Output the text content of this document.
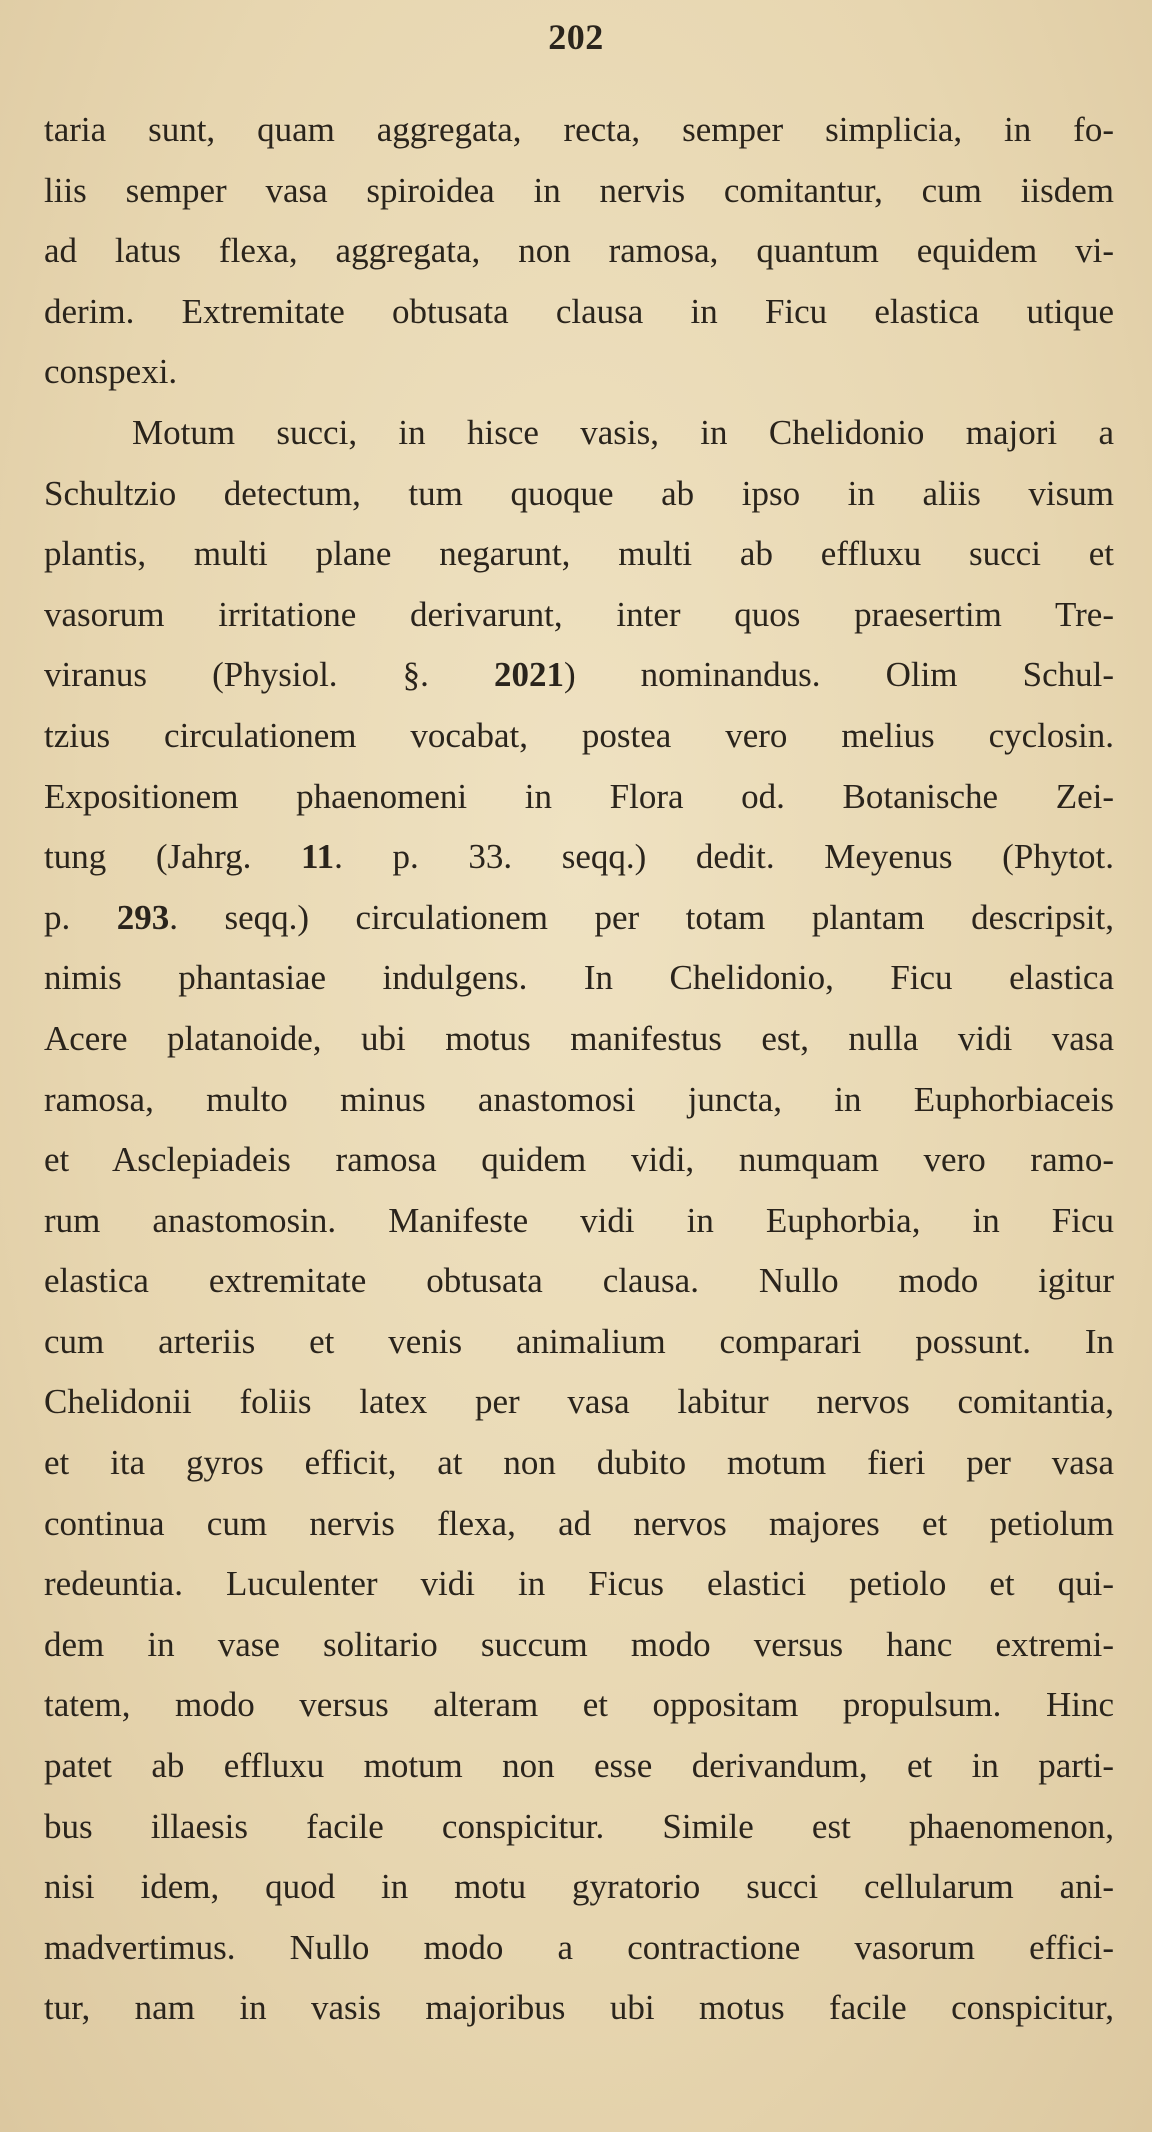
202
taria sunt, quam aggregata, recta, semper simplicia, in fo-
liis semper vasa spiroidea in nervis comitantur, cum iisdem
ad latus flexa, aggregata, non ramosa, quantum equidem vi-
derim. Extremitate obtusata clausa in Ficu elastica utique
conspexi.
Motum succi, in hisce vasis, in Chelidonio majori a
Schultzio detectum, tum quoque ab ipso in aliis visum
plantis, multi plane negarunt, multi ab effluxu succi et
vasorum irritatione derivarunt, inter quos praesertim Tre-
viranus (Physiol. §. 2021) nominandus. Olim Schul-
tzius circulationem vocabat, postea vero melius cyclosin.
Expositionem phaenomeni in Flora od. Botanische Zei-
tung (Jahrg. 11. p. 33. seqq.) dedit. Meyenus (Phytot.
p. 293. seqq.) circulationem per totam plantam descripsit,
nimis phantasiae indulgens. In Chelidonio, Ficu elastica
Acere platanoide, ubi motus manifestus est, nulla vidi vasa
ramosa, multo minus anastomosi juncta, in Euphorbiaceis
et Asclepiadeis ramosa quidem vidi, numquam vero ramo-
rum anastomosin. Manifeste vidi in Euphorbia, in Ficu
elastica extremitate obtusata clausa. Nullo modo igitur
cum arteriis et venis animalium comparari possunt. In
Chelidonii foliis latex per vasa labitur nervos comitantia,
et ita gyros efficit, at non dubito motum fieri per vasa
continua cum nervis flexa, ad nervos majores et petiolum
redeuntia. Luculenter vidi in Ficus elastici petiolo et qui-
dem in vase solitario succum modo versus hanc extremi-
tatem, modo versus alteram et oppositam propulsum. Hinc
patet ab effluxu motum non esse derivandum, et in parti-
bus illaesis facile conspicitur. Simile est phaenomenon,
nisi idem, quod in motu gyratorio succi cellularum ani-
madvertimus. Nullo modo a contractione vasorum effici-
tur, nam in vasis majoribus ubi motus facile conspicitur,
